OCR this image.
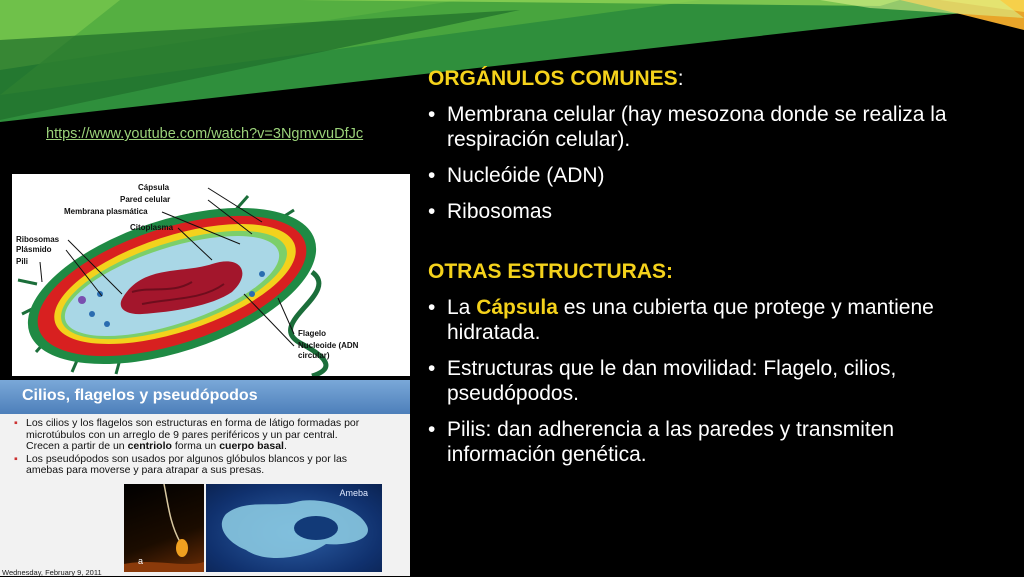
https://www.youtube.com/watch?v=3NgmvvuDfJc
Cápsula
Pared celular
Membrana plasmática
Citoplasma
Ribosomas
Plásmido
Pili
Flagelo
Nucleoide (ADN
circular)
Cilios, flagelos y pseudópodos
▪ Los cilios y los flagelos son estructuras en forma de látigo formadas por microtúbulos con un arreglo de 9 pares periféricos y un par central. Crecen a partir de un centriolo forma un cuerpo basal.
▪ Los pseudópodos son usados por algunos glóbulos blancos y por las amebas para moverse y para atrapar a sus presas.
a
Ameba
Wednesday, February 9, 2011
ORGÁNULOS COMUNES:
• Membrana celular (hay mesozona donde se realiza la respiración celular).
• Nucleóide (ADN)
• Ribosomas
OTRAS ESTRUCTURAS:
• La Cápsula es una cubierta que protege y mantiene hidratada.
• Estructuras que le dan movilidad: Flagelo, cilios, pseudópodos.
• Pilis: dan adherencia a las paredes y transmiten información genética.
